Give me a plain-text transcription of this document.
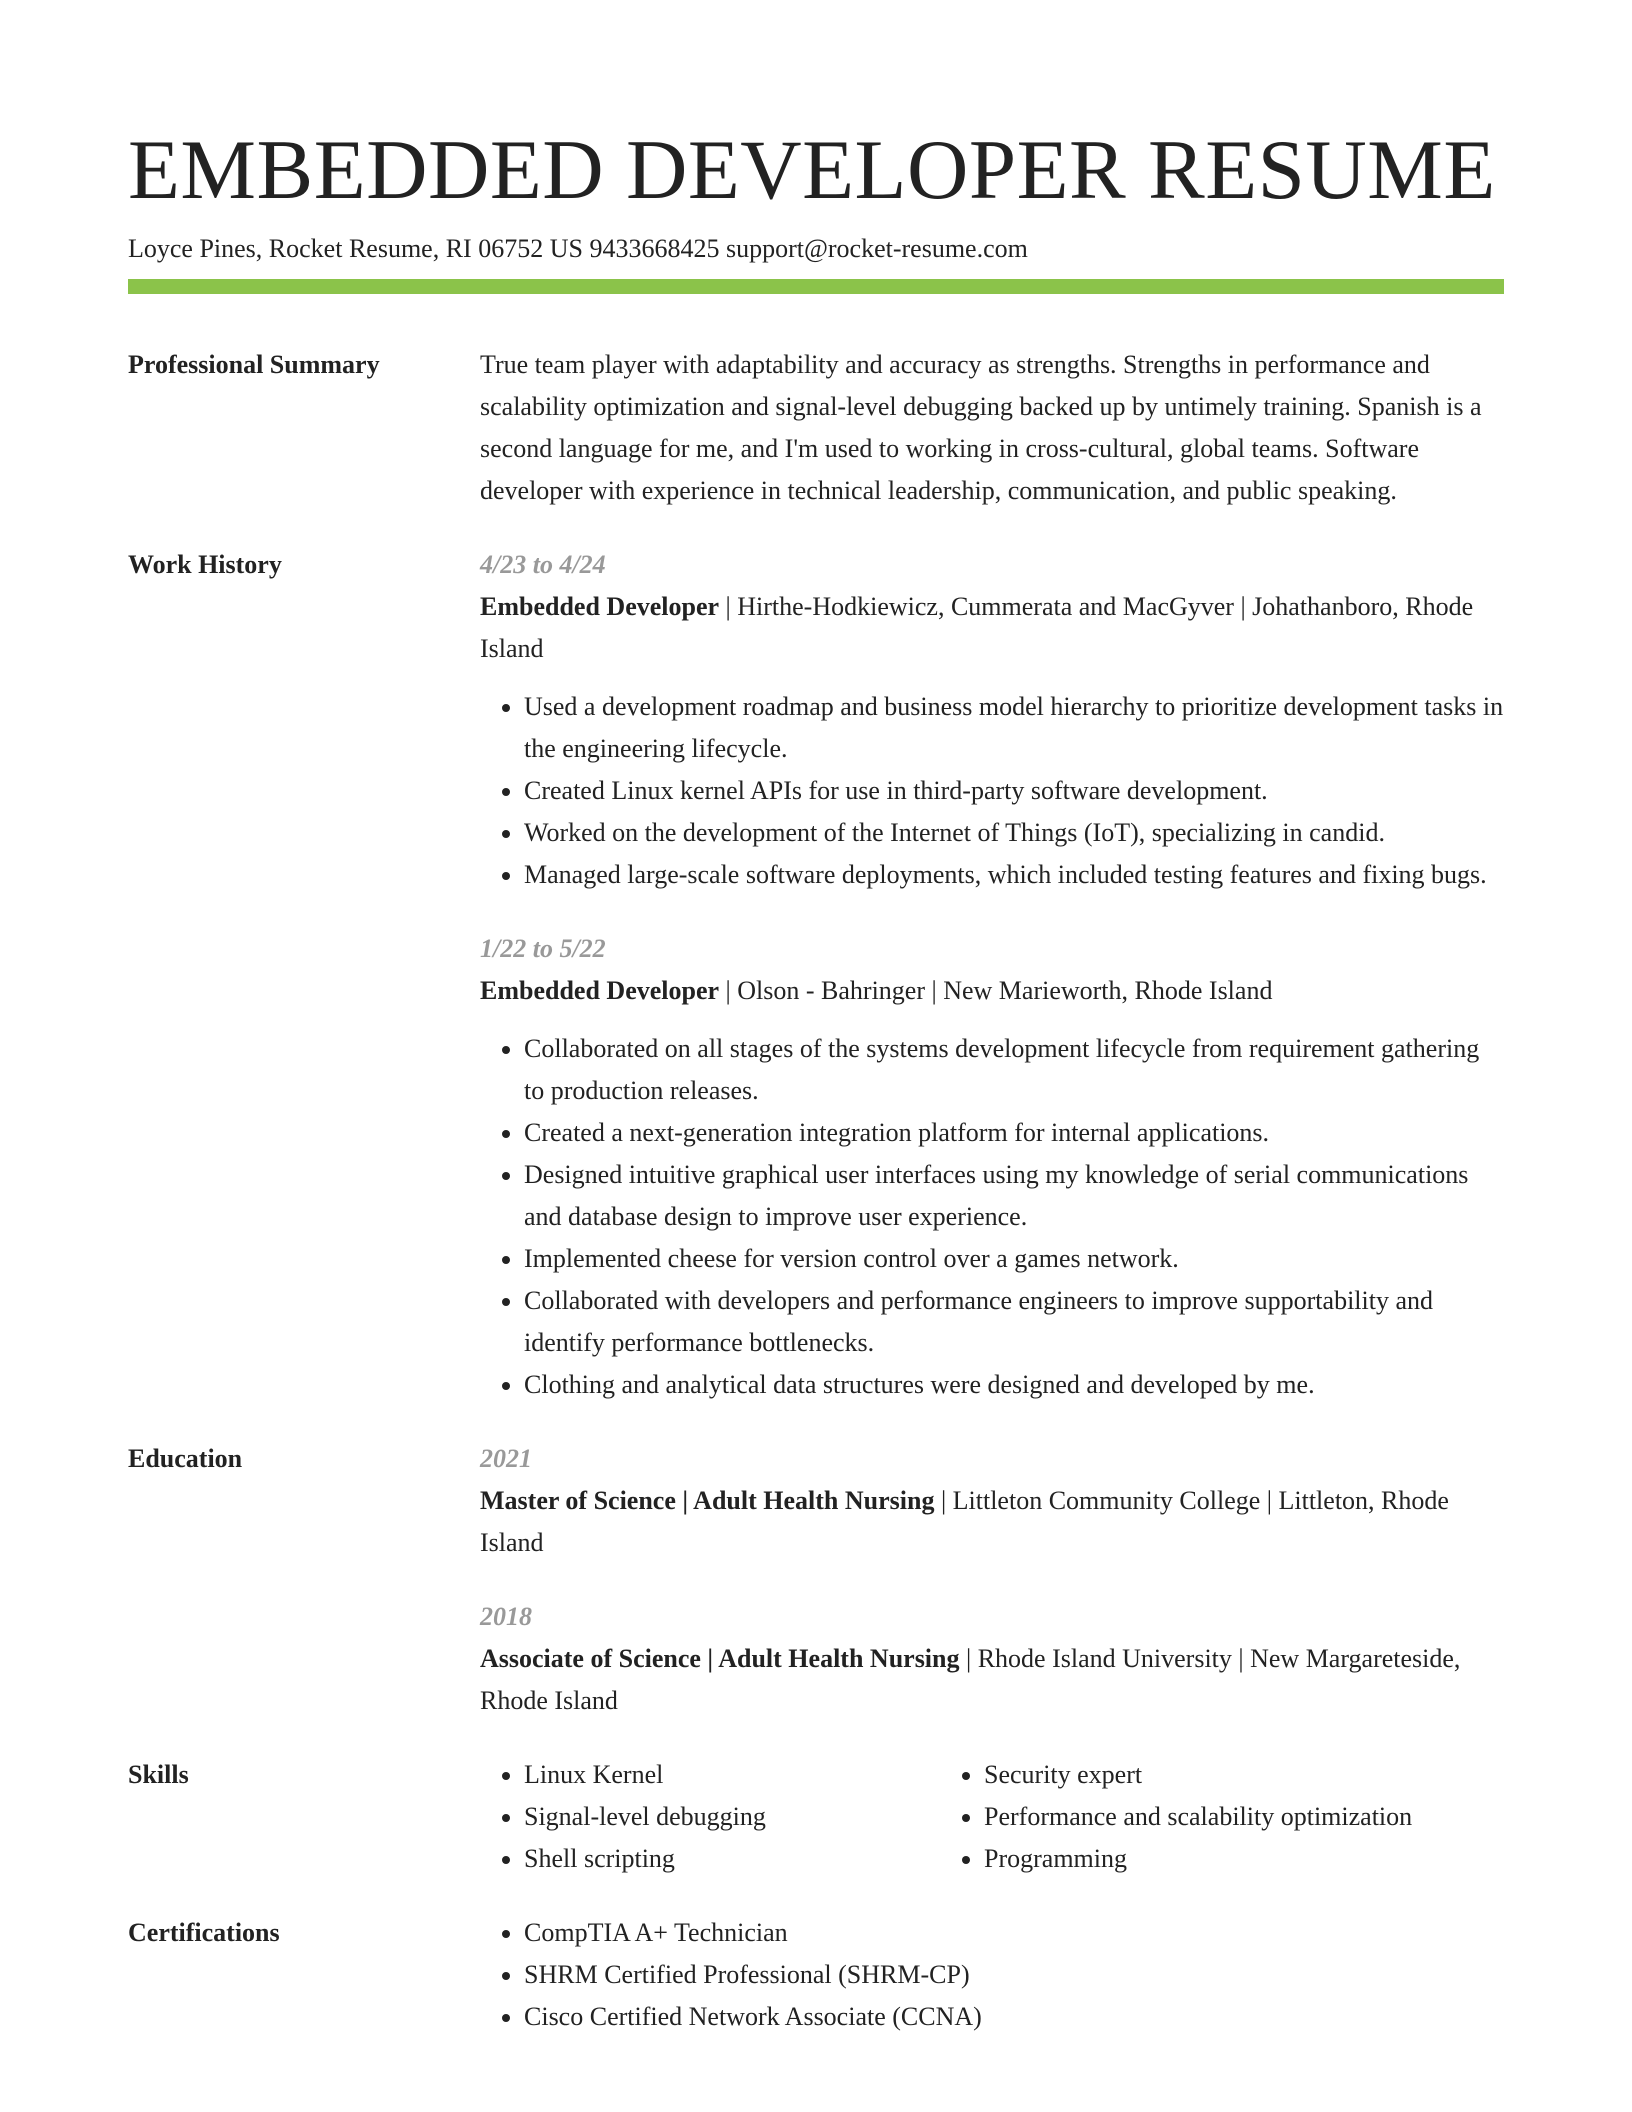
EMBEDDED DEVELOPER RESUME
Loyce Pines, Rocket Resume, RI 06752 US 9433668425 support@rocket-resume.com
Professional Summary	True team player with adaptability and accuracy as strengths. Strengths in performance and scalability optimization and signal-level debugging backed up by untimely training. Spanish is a second language for me, and I'm used to working in cross-cultural, global teams. Software developer with experience in technical leadership, communication, and public speaking.
Work History	4/23 to 4/24
Embedded Developer | Hirthe-Hodkiewicz, Cummerata and MacGyver | Johathanboro, Rhode Island
• Used a development roadmap and business model hierarchy to prioritize development tasks in the engineering lifecycle.
• Created Linux kernel APIs for use in third-party software development.
• Worked on the development of the Internet of Things (IoT), specializing in candid.
• Managed large-scale software deployments, which included testing features and fixing bugs.
1/22 to 5/22
Embedded Developer | Olson - Bahringer | New Marieworth, Rhode Island
• Collaborated on all stages of the systems development lifecycle from requirement gathering to production releases.
• Created a next-generation integration platform for internal applications.
• Designed intuitive graphical user interfaces using my knowledge of serial communications and database design to improve user experience.
• Implemented cheese for version control over a games network.
• Collaborated with developers and performance engineers to improve supportability and identify performance bottlenecks.
• Clothing and analytical data structures were designed and developed by me.
Education	2021
Master of Science | Adult Health Nursing | Littleton Community College | Littleton, Rhode Island
2018
Associate of Science | Adult Health Nursing | Rhode Island University | New Margareteside, Rhode Island
Skills	• Linux Kernel
• Signal-level debugging
• Shell scripting
• Security expert
• Performance and scalability optimization
• Programming
Certifications	• CompTIA A+ Technician
• SHRM Certified Professional (SHRM-CP)
• Cisco Certified Network Associate (CCNA)
